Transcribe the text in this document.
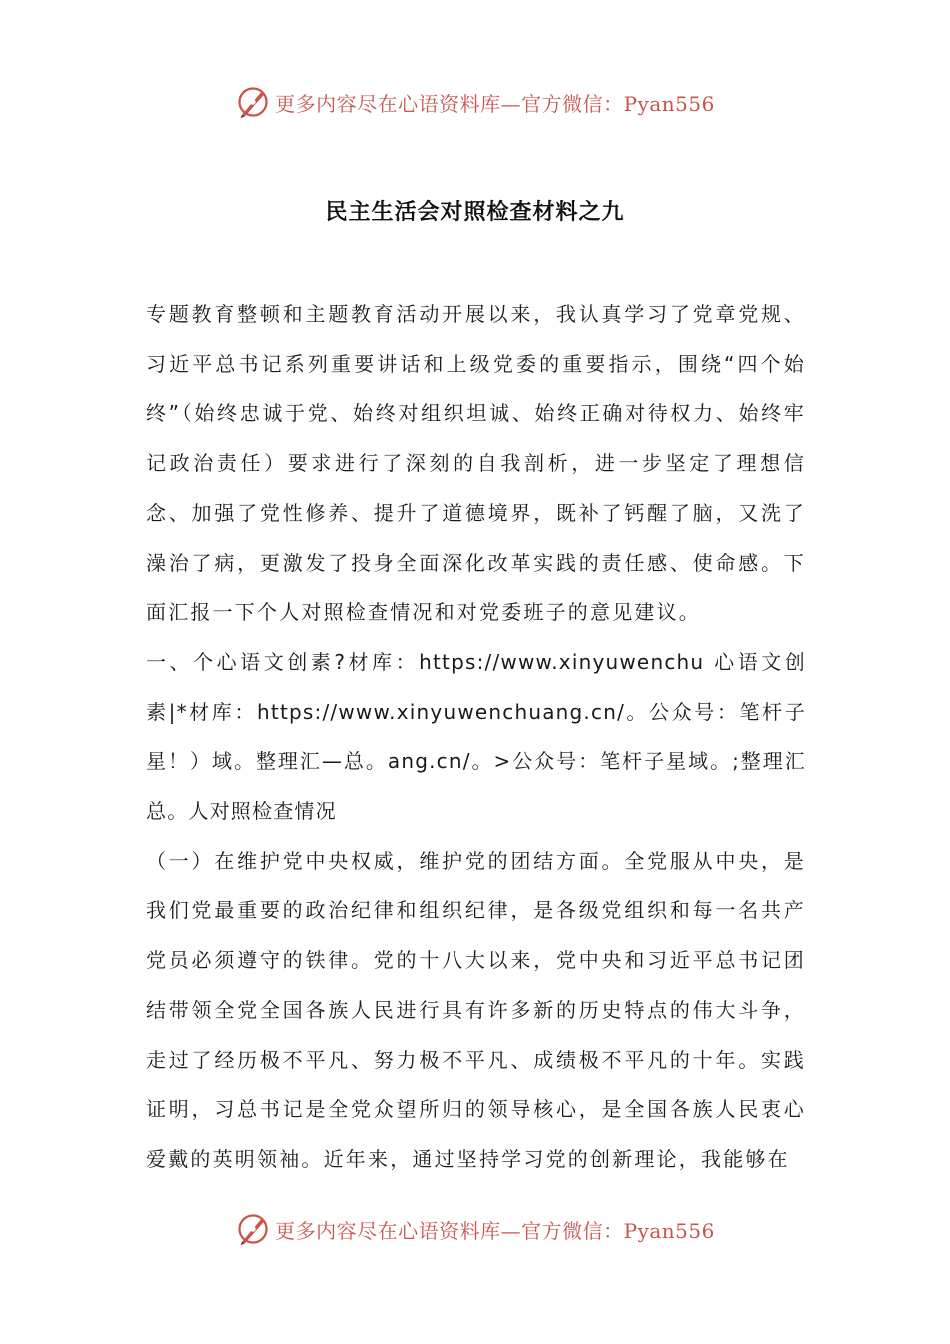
更多内容尽在心语资料库—官方微信：Pyan556
民主生活会对照检查材料之九

专题教育整顿和主题教育活动开展以来，我认真学习了党章党规、习近平总书记系列重要讲话和上级党委的重要指示，围绕“四个始终”（始终忠诚于党、始终对组织坦诚、始终正确对待权力、始终牢记政治责任）要求进行了深刻的自我剖析，进一步坚定了理想信念、加强了党性修养、提升了道德境界，既补了钙醒了脑，又洗了澡治了病，更激发了投身全面深化改革实践的责任感、使命感。下面汇报一下个人对照检查情况和对党委班子的意见建议。

一、个心语文创素?材库：https://www.xinyuwenchu 心语文创素|*材库：https://www.xinyuwenchuang.cn/。公众号：笔杆子星！）域。整理汇—总。ang.cn/。>公众号：笔杆子星域。;整理汇总。人对照检查情况

（一）在维护党中央权威，维护党的团结方面。全党服从中央，是我们党最重要的政治纪律和组织纪律，是各级党组织和每一名共产党员必须遵守的铁律。党的十八大以来，党中央和习近平总书记团结带领全党全国各族人民进行具有许多新的历史特点的伟大斗争，走过了经历极不平凡、努力极不平凡、成绩极不平凡的十年。实践证明，习总书记是全党众望所归的领导核心，是全国各族人民衷心爱戴的英明领袖。近年来，通过坚持学习党的创新理论，我能够在

更多内容尽在心语资料库—官方微信：Pyan556
